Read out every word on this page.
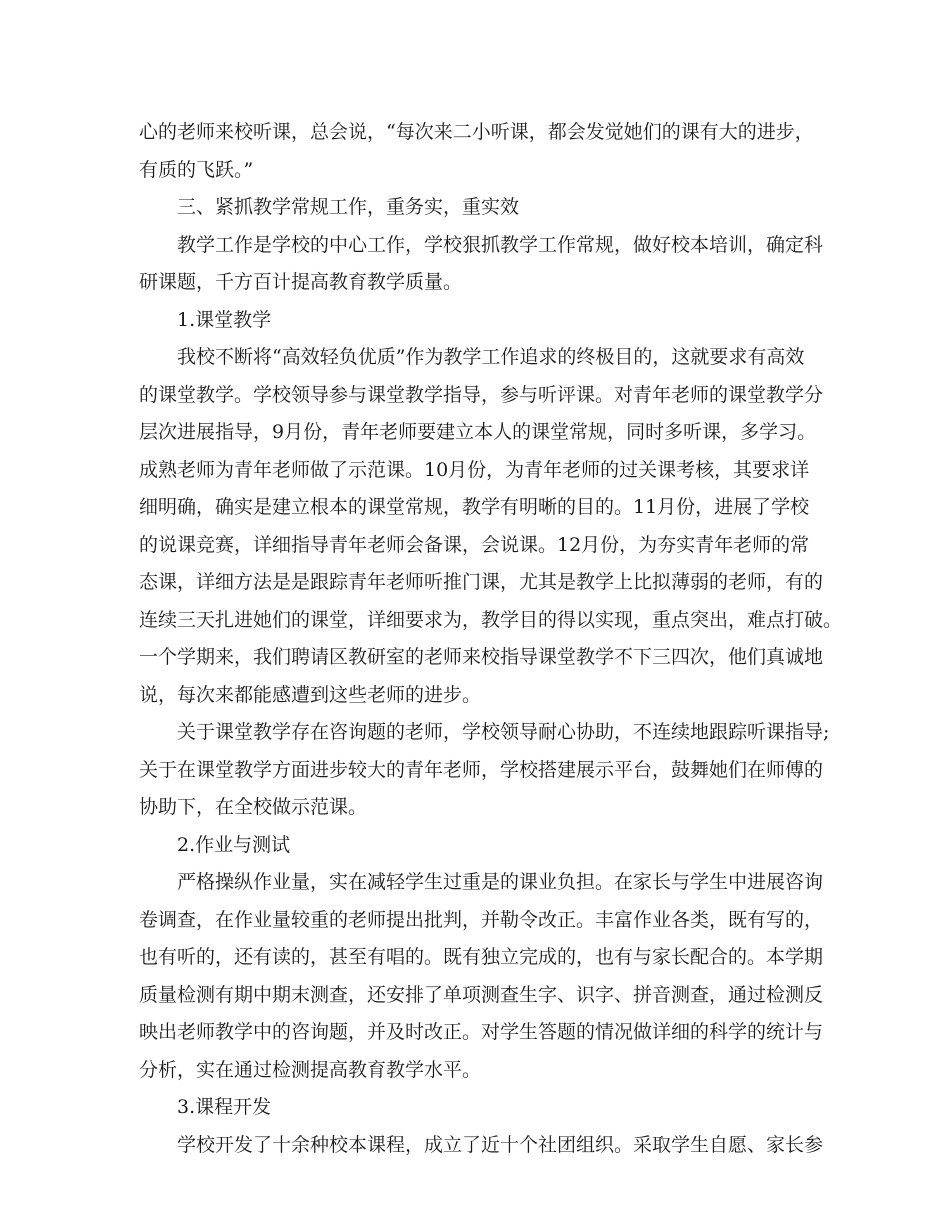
心的老师来校听课，总会说，“每次来二小听课，都会发觉她们的课有大的进步，
有质的飞跃。”
三、紧抓教学常规工作，重务实，重实效
教学工作是学校的中心工作，学校狠抓教学工作常规，做好校本培训，确定科
研课题，千方百计提高教育教学质量。
1.课堂教学
我校不断将“高效轻负优质”作为教学工作追求的终极目的，这就要求有高效
的课堂教学。学校领导参与课堂教学指导，参与听评课。对青年老师的课堂教学分
层次进展指导，9月份，青年老师要建立本人的课堂常规，同时多听课，多学习。
成熟老师为青年老师做了示范课。10月份，为青年老师的过关课考核，其要求详
细明确，确实是建立根本的课堂常规，教学有明晰的目的。11月份，进展了学校
的说课竞赛，详细指导青年老师会备课，会说课。12月份，为夯实青年老师的常
态课，详细方法是是跟踪青年老师听推门课，尤其是教学上比拟薄弱的老师，有的
连续三天扎进她们的课堂，详细要求为，教学目的得以实现，重点突出，难点打破。
一个学期来，我们聘请区教研室的老师来校指导课堂教学不下三四次，他们真诚地
说，每次来都能感遭到这些老师的进步。
关于课堂教学存在咨询题的老师，学校领导耐心协助，不连续地跟踪听课指导;
关于在课堂教学方面进步较大的青年老师，学校搭建展示平台，鼓舞她们在师傅的
协助下，在全校做示范课。
2.作业与测试
严格操纵作业量，实在减轻学生过重是的课业负担。在家长与学生中进展咨询
卷调查，在作业量较重的老师提出批判，并勒令改正。丰富作业各类，既有写的，
也有听的，还有读的，甚至有唱的。既有独立完成的，也有与家长配合的。本学期
质量检测有期中期末测查，还安排了单项测查生字、识字、拼音测查，通过检测反
映出老师教学中的咨询题，并及时改正。对学生答题的情况做详细的科学的统计与
分析，实在通过检测提高教育教学水平。
3.课程开发
学校开发了十余种校本课程，成立了近十个社团组织。采取学生自愿、家长参
